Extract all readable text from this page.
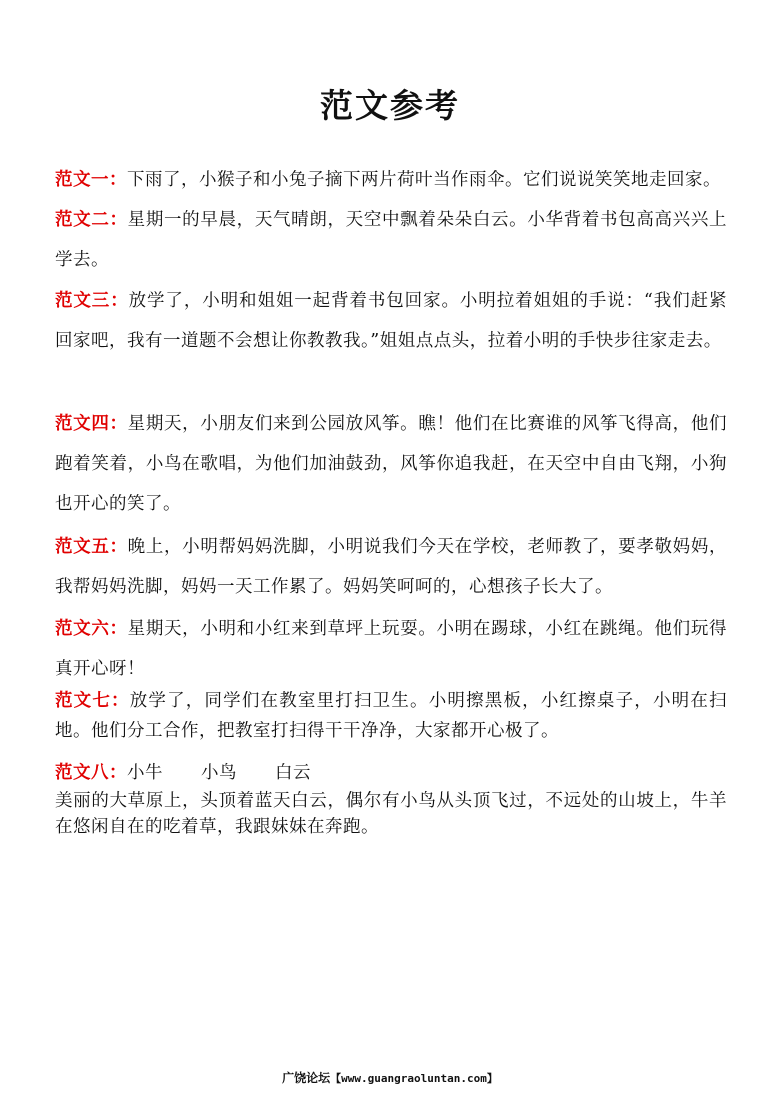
范文参考
范文一：下雨了，小猴子和小兔子摘下两片荷叶当作雨伞。它们说说笑笑地走回家。
范文二：星期一的早晨，天气晴朗，天空中飘着朵朵白云。小华背着书包高高兴兴上学去。
范文三：放学了，小明和姐姐一起背着书包回家。小明拉着姐姐的手说：“我们赶紧回家吧，我有一道题不会想让你教教我。”姐姐点点头，拉着小明的手快步往家走去。
范文四：星期天，小朋友们来到公园放风筝。瞧！他们在比赛谁的风筝飞得高，他们跑着笑着，小鸟在歌唱，为他们加油鼓劲，风筝你追我赶，在天空中自由飞翔，小狗也开心的笑了。
范文五：晚上，小明帮妈妈洗脚，小明说我们今天在学校，老师教了，要孝敬妈妈，我帮妈妈洗脚，妈妈一天工作累了。妈妈笑呵呵的，心想孩子长大了。
范文六：星期天，小明和小红来到草坪上玩耍。小明在踢球，小红在跳绳。他们玩得真开心呀！
范文七：放学了，同学们在教室里打扫卫生。小明擦黑板，小红擦桌子，小明在扫地。他们分工合作，把教室打扫得干干净净，大家都开心极了。
范文八：小牛 小鸟 白云
美丽的大草原上，头顶着蓝天白云，偶尔有小鸟从头顶飞过，不远处的山坡上，牛羊在悠闲自在的吃着草，我跟妹妹在奔跑。
广饶论坛【www.guangraoluntan.com】
